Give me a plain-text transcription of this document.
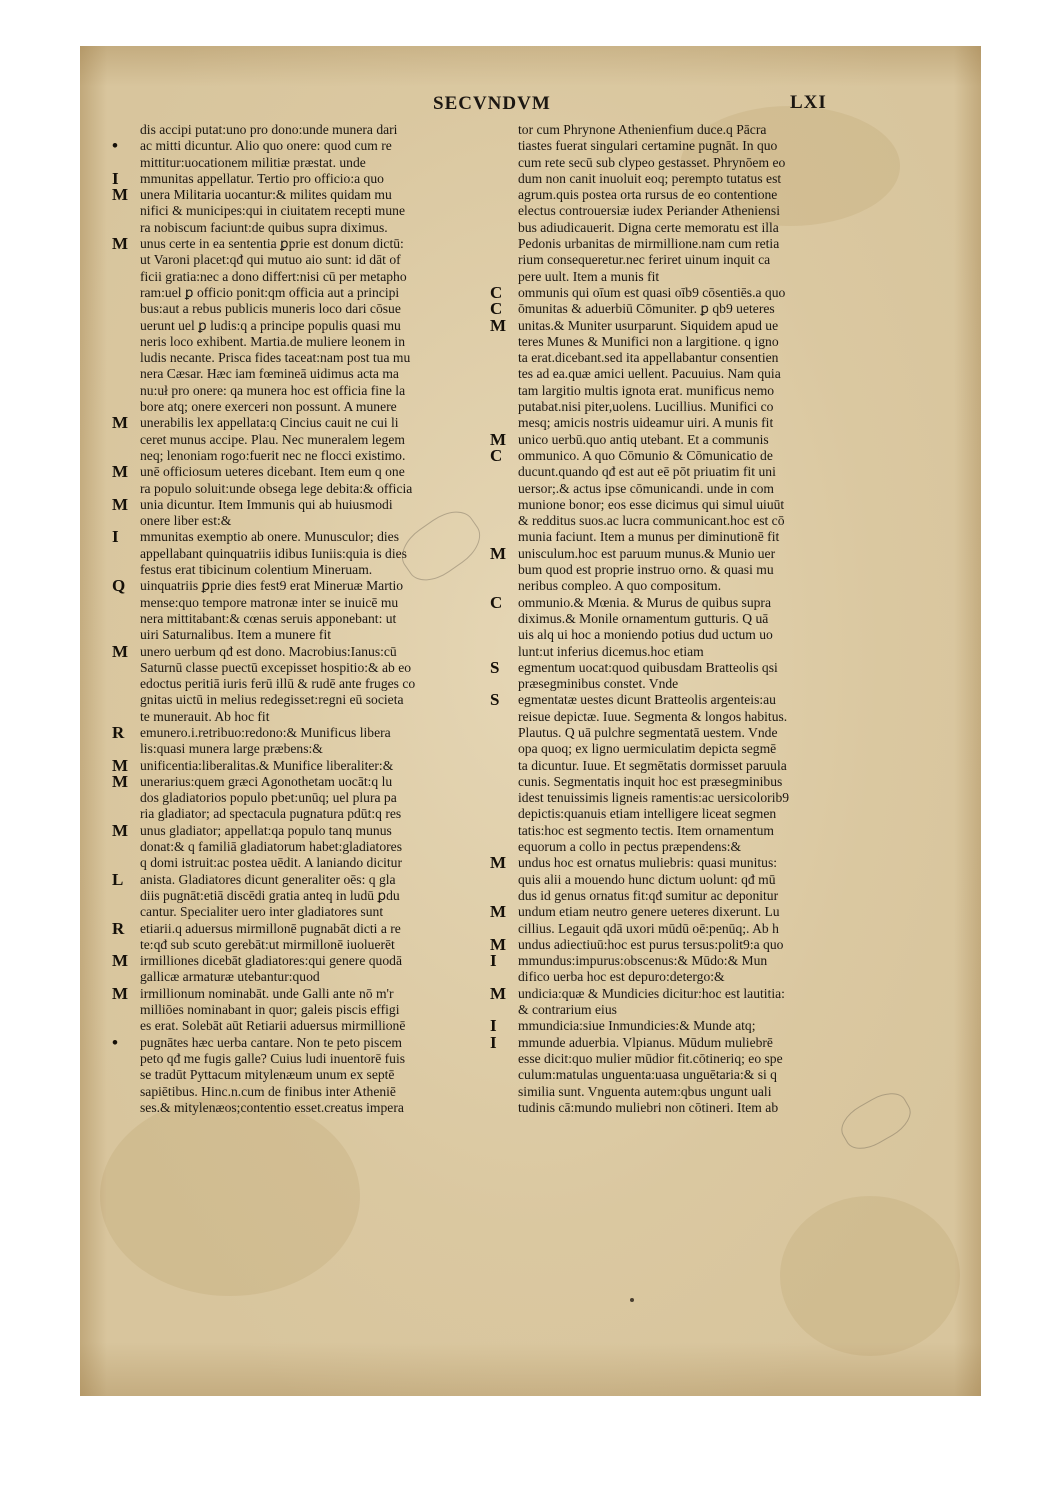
SECVNDVM	LXI
dis accipi putat:uno pro dono:unde munera dari
•	ac mitti dicuntur. Alio quo onere: quod cum re
mittitur:uocationem militiæ præstat. unde
I	mmunitas appellatur. Tertio pro officio:a quo
M unera Militaria uocantur:& milites quidam mu
nifici & municipes:qui in ciuitatem recepti mune
ra nobiscum faciunt:de quibus supra diximus.
M unus certe in ea sententia ꝑprie est donum dictū:
ut Varoni placet:qđ qui mutuo aio sunt: id dāt of
ficii gratia:nec a dono differt:nisi cū per metapho
ram:uel ꝑ officio ponit:qm officia aut a principi
bus:aut a rebus publicis muneris loco dari cōsue
uerunt uel ꝑ ludis:q a principe populis quasi mu
neris loco exhibent. Martia.de muliere leonem in
ludis necante. Prisca fides taceat:nam post tua mu
nera Cæsar. Hæc iam fœmineā uidimus acta ma
nu:uł pro onere: qa munera hoc est officia fine la
bore atq; onere exerceri non possunt. A munere
M unerabilis lex appellata:q Cincius cauit ne cui li
ceret munus accipe. Plau. Nec muneralem legem
neq; lenoniam rogo:fuerit nec ne flocci existimo.
M unē officiosum ueteres dicebant. Item eum q one
ra populo soluit:unde obsega lege debita:& officia
M unia dicuntur. Item Immunis qui ab huiusmodi
onere liber est:&
I	mmunitas exemptio ab onere. Munusculor; dies
appellabant quinquatriis idibus Iuniis:quia is dies
festus erat tibicinum colentium Mineruam.
Q	uinquatriis ꝑprie dies fest9 erat Mineruæ Martio
mense:quo tempore matronæ inter se inuicē mu
nera mittitabant:& cœnas seruis apponebant: ut
uiri Saturnalibus. Item a munere fit
M unero uerbum qđ est dono. Macrobius:Ianus:cū
Saturnū classe puectū excepisset hospitio:& ab eo
edoctus peritiā iuris ferū illū & rudē ante fruges co
gnitas uictū in melius redegisset:regni eū societa
te munerauit. Ab hoc fit
R	emunero.i.retribuo:redono:& Munificus libera
lis:quasi munera large præbens:&
M unificentia:liberalitas.& Munifice liberaliter:&
M unerarius:quem græci Agonothetam uocāt:q lu
dos gladiatorios populo pbet:unūq; uel plura pa
ria gladiator; ad spectacula pugnatura pdūt:q res
M unus gladiator; appellat:qa populo tanq munus
donat:& q familiā gladiatorum habet:gladiatores
q domi istruit:ac postea uēdit. A laniando dicitur
L	anista. Gladiatores dicunt generaliter oēs: q gla
diis pugnāt:etiā discēdi gratia anteq in ludū ꝑdu
cantur. Specialiter uero inter gladiatores sunt
R	etiarii.q aduersus mirmillonē pugnabāt dicti a re
te:qđ sub scuto gerebāt:ut mirmillonē iuoluerēt
M irmilliones dicebāt gladiatores:qui genere quodā
gallicæ armaturæ utebantur:quod
M irmillionum nominabāt. unde Galli ante nō m'r
milliōes nominabant in quor; galeis piscis effigi
es erat. Solebāt aūt Retiarii aduersus mirmillionē
•	pugnātes hæc uerba cantare. Non te peto piscem
peto qđ me fugis galle? Cuius ludi inuentorē fuis
se tradūt Pyttacum mitylenæum unum ex septē
sapiētibus. Hinc.n.cum de finibus inter Atheniē
ses.& mitylenæos;contentio esset.creatus impera
tor cum Phrynone Athenienfium duce.q Pācra
tiastes fuerat singulari certamine pugnāt. In quo
cum rete secū sub clypeo gestasset. Phrynōem eo
dum non canit inuoluit eoq; perempto tutatus est
agrum.quis postea orta rursus de eo contentione
electus controuersiæ iudex Periander Atheniensi
bus adiudicauerit. Digna certe memoratu est illa
Pedonis urbanitas de mirmillione.nam cum retia
rium consequeretur.nec feriret uinum inquit ca
pere uult. Item a munis fit
C	ommunis qui oīum est quasi oīb9 cōsentiēs.a quo
C	ōmunitas & aduerbiū Cōmuniter. ꝑ qb9 ueteres
M unitas.& Muniter usurparunt. Siquidem apud ue
teres Munes & Munifici non a largitione. q igno
ta erat.dicebant.sed ita appellabantur consentien
tes ad ea.quæ amici uellent. Pacuuius. Nam quia
tam largitio multis ignota erat. munificus nemo
putabat.nisi piter,uolens. Lucillius. Munifici co
mesq; amicis nostris uideamur uiri. A munis fit
M unico uerbū.quo antiq utebant. Et a communis
C	ommunico. A quo Cōmunio & Cōmunicatio de
ducunt.quando qđ est aut eē pōt priuatim fit uni
uersor;.& actus ipse cōmunicandi. unde in com
munione bonor; eos esse dicimus qui simul uiuūt
& redditus suos.ac lucra communicant.hoc est cō
munia faciunt. Item a munus per diminutionē fit
M unisculum.hoc est paruum munus.& Munio uer
bum quod est proprie instruo orno. & quasi mu
neribus compleo. A quo compositum.
C	ommunio.& Mœnia. & Murus de quibus supra
diximus.& Monile ornamentum gutturis. Q uā
uis alq ui hoc a moniendo potius dud uctum uo
lunt:ut inferius dicemus.hoc etiam
S	egmentum uocat:quod quibusdam Bratteolis qsi
præsegminibus constet. Vnde
S	egmentatæ uestes dicunt Bratteolis argenteis:au
reisue depictæ. Iuue. Segmenta & longos habitus.
Plautus. Q uā pulchre segmentatā uestem. Vnde
opa quoq; ex ligno uermiculatim depicta segmē
ta dicuntur. Iuue. Et segmētatis dormisset paruula
cunis. Segmentatis inquit hoc est præsegminibus
idest tenuissimis ligneis ramentis:ac uersicolorib9
depictis:quanuis etiam intelligere liceat segmen
tatis:hoc est segmento tectis. Item ornamentum
equorum a collo in pectus præpendens:&
M undus hoc est ornatus muliebris: quasi munitus:
quis alii a mouendo hunc dictum uolunt: qđ mū
dus id genus ornatus fit:qđ sumitur ac deponitur
M undum etiam neutro genere ueteres dixerunt. Lu
cillius. Legauit qdā uxori mūdū oē:penūq;. Ab h
M undus adiectiuū:hoc est purus tersus:polit9:a quo
I	mmundus:impurus:obscenus:& Mūdo:& Mun
difico uerba hoc est depuro:detergo:&
M undicia:quæ & Mundicies dicitur:hoc est lautitia:
& contrarium eius
I	mmundicia:siue Inmundicies:& Munde atq;
I	mmunde aduerbia. Vlpianus. Mūdum muliebrē
esse dicit:quo mulier mūdior fit.cōtineriq; eo spe
culum:matulas unguenta:uasa unguētaria:& si q
similia sunt. Vnguenta autem:qbus ungunt uali
tudinis cā:mundo muliebri non cōtineri. Item ab
